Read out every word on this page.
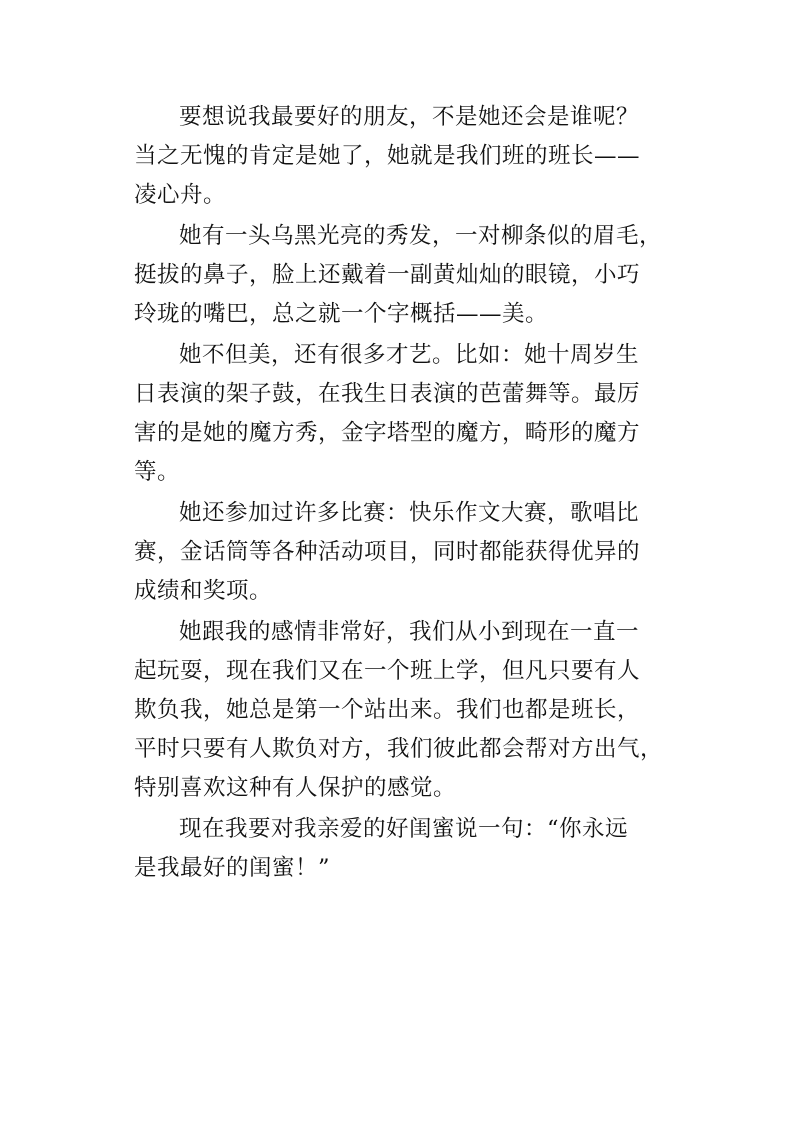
要想说我最要好的朋友，不是她还会是谁呢？
当之无愧的肯定是她了，她就是我们班的班长——
凌心舟。
她有一头乌黑光亮的秀发，一对柳条似的眉毛，
挺拔的鼻子，脸上还戴着一副黄灿灿的眼镜，小巧
玲珑的嘴巴，总之就一个字概括——美。
她不但美，还有很多才艺。比如：她十周岁生
日表演的架子鼓，在我生日表演的芭蕾舞等。最厉
害的是她的魔方秀，金字塔型的魔方，畸形的魔方
等。
她还参加过许多比赛：快乐作文大赛，歌唱比
赛，金话筒等各种活动项目，同时都能获得优异的
成绩和奖项。
她跟我的感情非常好，我们从小到现在一直一
起玩耍，现在我们又在一个班上学，但凡只要有人
欺负我，她总是第一个站出来。我们也都是班长，
平时只要有人欺负对方，我们彼此都会帮对方出气，
特别喜欢这种有人保护的感觉。
现在我要对我亲爱的好闺蜜说一句：“你永远
是我最好的闺蜜！”
